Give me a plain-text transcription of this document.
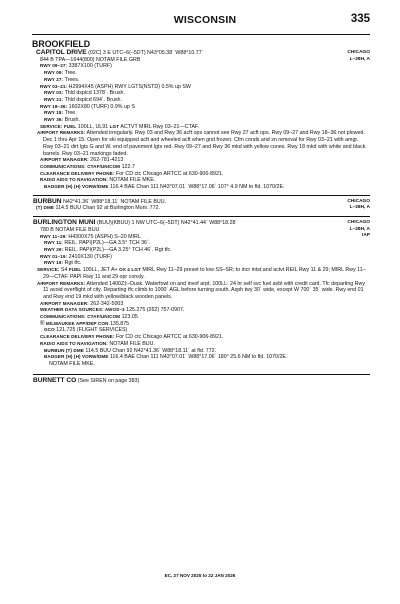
WISCONSIN	335
BROOKFIELD
CAPITOL DRIVE (02C) 3 E UTC–6(–5DT) N43°05.38´ W88°10.77´	CHICAGO
L–28H, A
844 B TPA—1644(800) NOTAM FILE GRB
RWY 09–27: 3387X100 (TURF)
RWY 09: Tree.
RWY 27: Trees.
RWY 03–21: H2994X45 (ASPH) RWY LGTS(NSTD) 0.5% up SW
RWY 03: Thld dsplcd 1378´. Brush.
RWY 21: Thld dsplcd 694´. Brush.
RWY 18–36: 1602X80 (TURF) 0.9% up S
RWY 18: Tree.
RWY 36: Brush.
SERVICE: FUEL 100LL, UL91 LGT ACTVT MIRL Rwy 03–21—CTAF.
AIRPORT REMARKS: Attended irregularly. Rwy 03 and Rwy 36 acft ops cannot see Rwy 27 acft ops. Rwy 09–27 and Rwy 18–36 not plowed. Dec 1 thru Apr 15. Open for ski equipped acft and wheeled acft when gnd frozen. Cfm conds and sn removal for Rwy 03–21 with amgr. Rwy 03–21 dirt lgts G and W, end of pavement lgts red. Rwy 09–27 and Rwy 36 mkd with yellow cones. Rwy 18 mkd with white and black barrels. Rwy 03–21 markings faded.
AIRPORT MANAGER: 262-781-4213
COMMUNICATIONS: CTAF/UNICOM 122.7
CLEARANCE DELIVERY PHONE: For CD ctc Chicago ARTCC at 630-906-8921.
RADIO AIDS TO NAVIGATION: NOTAM FILE MKE.
BADGER (H) (H) VORW/DME 116.4 BAE Chan 111 N43°07.01´ W88°17.06´ 107° 4.9 NM to fld. 1070/2E.
BURBUN N42°41.36´ W88°18.11´ NOTAM FILE BUU.	CHICAGO
L–28H, A
(T) DME 114.5 BUU Chan 92 at Burlington Muni. 772.
BURLINGTON MUNI (BUU)(KBUU) 1 NW UTC–6(–5DT) N42°41.44´ W88°18.28´	CHICAGO
L–28H, A
IAP
780 B NOTAM FILE BUU
RWY 11–29: H4300X75 (ASPH) S–20 MIRL
RWY 11: REIL. PAPI(P2L)—GA 3.5° TCH 36´.
RWY 29: REIL. PAPI(P2L)—GA 3.25° TCH 46´. Rgt tfc.
RWY 01–19: 2410X130 (TURF)
RWY 19: Rgt tfc.
SERVICE: S4 FUEL 100LL, JET A+ OX 4 LGT MIRL Rwy 11–29 preset to low SS–SR; to incr intst and actvt REIL Rwy 11 & 29; MIRL Rwy 11–29—CTAF. PAPI Rwy 11 and 29 opr consly.
AIRPORT REMARKS: Attended 1400Z‡–Dusk. Waterfowl on and invof arpt. 100LL: 24 hr self svc fuel avbl with credit card. Tfc departing Rwy 11 avoid overflight of city. Departing tfc climb to 1000´ AGL before turning south. Asph twy 30´ wide, except W 700´ 35´ wide. Rwy end 01 and Rwy end 19 mkd with yellow/black wooden panels.
AIRPORT MANAGER: 262-342-5003
WEATHER DATA SOURCES: AWOS–3 125.275 (262) 757-0907.
COMMUNICATIONS: CTAF/UNICOM 123.05
® MILWAUKEE APP/DEP CON 135.875
GCO 121.725 (FLIGHT SERVICES)
CLEARANCE DELIVERY PHONE: For CD ctc Chicago ARTCC at 630-906-8921.
RADIO AIDS TO NAVIGATION: NOTAM FILE BUU.
BURBUN (T) DME 114.5 BUU Chan 92 N42°41.36´ W88°18.11´ at fld. 772.
BADGER (H) (H) VORW/DME 116.4 BAE Chan 111 N43°07.01´ W88°17.06´ 180° 25.6 NM to fld. 1070/2E.
NOTAM FILE MKE.
BURNETT CO (See SIREN on page 383)
EC, 27 NOV 2025 to 22 JAN 2026
